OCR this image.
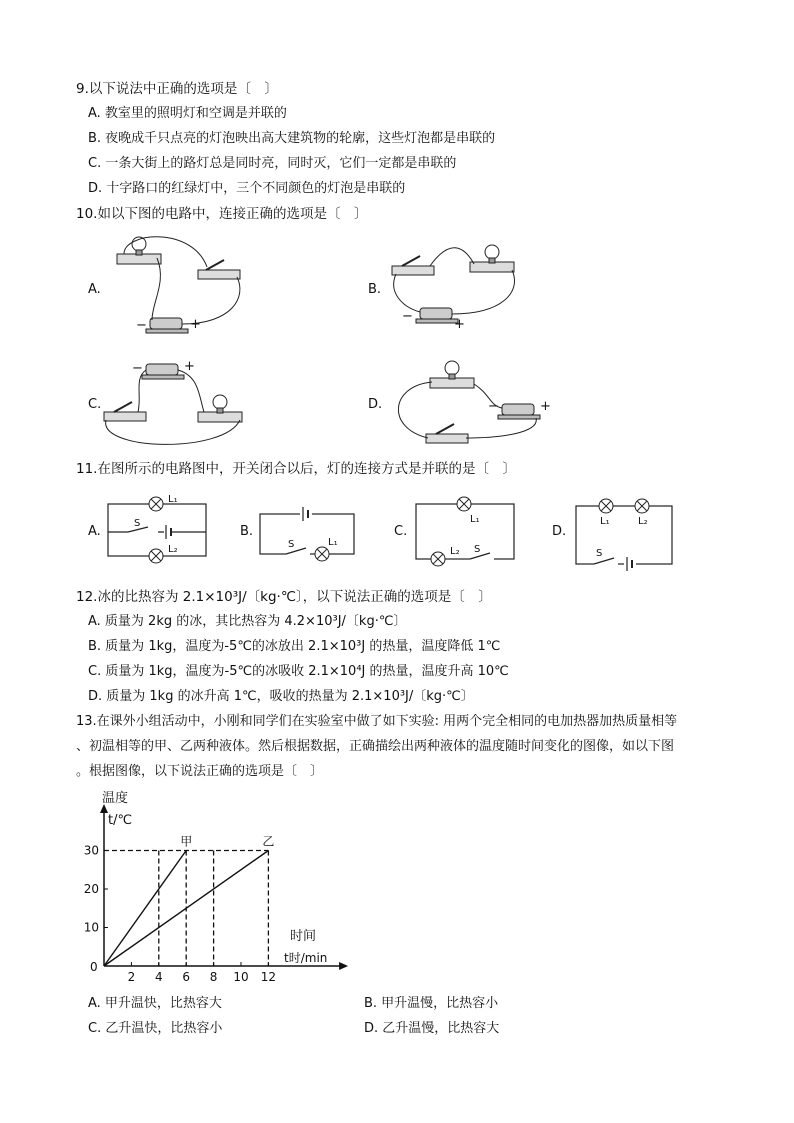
9.以下说法中正确的选项是〔　〕
A. 教室里的照明灯和空调是并联的
B. 夜晚成千只点亮的灯泡映出高大建筑物的轮廓，这些灯泡都是串联的
C. 一条大街上的路灯总是同时亮，同时灭，它们一定都是串联的
D. 十字路口的红绿灯中，三个不同颜色的灯泡是串联的
10.如以下图的电路中，连接正确的选项是〔　〕
A.
−	+
B.
−
+
C.
−	+
D.	−	+
11.在图所示的电路图中，开关闭合以后，灯的连接方式是并联的是〔　〕
A.
L₁
S
L₂
B.
S	L₁
C.
L₁
L₂ S
D.
L₁	L₂
S
12.冰的比热容为 2.1×10³J/〔kg·℃〕，以下说法正确的选项是〔　〕
A. 质量为 2kg 的冰，其比热容为 4.2×10³J/〔kg·℃〕
B. 质量为 1kg，温度为-5℃的冰放出 2.1×10³J 的热量，温度降低 1℃
C. 质量为 1kg，温度为-5℃的冰吸收 2.1×10⁴J 的热量，温度升高 10℃
D. 质量为 1kg 的冰升高 1℃，吸收的热量为 2.1×10³J/〔kg·℃〕
13.在课外小组活动中，小刚和同学们在实验室中做了如下实验: 用两个完全相同的电加热器加热质量相等
、初温相等的甲、乙两种液体。然后根据数据，正确描绘出两种液体的温度随时间变化的图像，如以下图
。根据图像，以下说法正确的选项是〔　〕
温度
t/℃
时间
t时/min
0
2 4 6 8 10 12
10
20
30
甲	乙
A. 甲升温快，比热容大	B. 甲升温慢，比热容小
C. 乙升温快，比热容小	D. 乙升温慢，比热容大
